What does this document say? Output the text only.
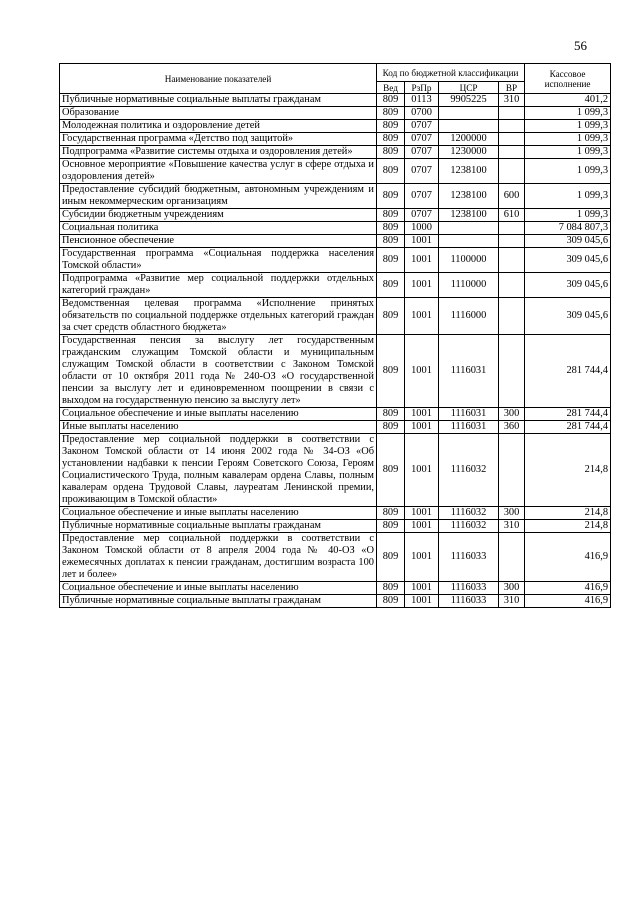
56
Наименование показателей	Код по бюджетной классификации				Кассовое исполнение
	Вед	РзПр	ЦСР	ВР	
Публичные нормативные социальные выплаты гражданам	809	0113	9905225	310	401,2
Образование	809	0700			1 099,3
Молодежная политика и оздоровление детей	809	0707			1 099,3
Государственная программа «Детство под защитой»	809	0707	1200000		1 099,3
Подпрограмма «Развитие системы отдыха и оздоровления детей»	809	0707	1230000		1 099,3
Основное мероприятие «Повышение качества услуг в сфере отдыха и оздоровления детей»	809	0707	1238100		1 099,3
Предоставление субсидий бюджетным, автономным учреждениям и иным некоммерческим организациям	809	0707	1238100	600	1 099,3
Субсидии бюджетным учреждениям	809	0707	1238100	610	1 099,3
Социальная политика	809	1000			7 084 807,3
Пенсионное обеспечение	809	1001			309 045,6
Государственная программа «Социальная поддержка населения Томской области»	809	1001	1100000		309 045,6
Подпрограмма «Развитие мер социальной поддержки отдельных категорий граждан»	809	1001	1110000		309 045,6
Ведомственная целевая программа «Исполнение принятых обязательств по социальной поддержке отдельных категорий граждан за счет средств областного бюджета»	809	1001	1116000		309 045,6
Государственная пенсия за выслугу лет государственным гражданским служащим Томской области и муниципальным служащим Томской области в соответствии с Законом Томской области от 10 октября 2011 года № 240-ОЗ «О государственной пенсии за выслугу лет и единовременном поощрении в связи с выходом на государственную пенсию за выслугу лет»	809	1001	1116031		281 744,4
Социальное обеспечение и иные выплаты населению	809	1001	1116031	300	281 744,4
Иные выплаты населению	809	1001	1116031	360	281 744,4
Предоставление мер социальной поддержки в соответствии с Законом Томской области от 14 июня 2002 года № 34-ОЗ «Об установлении надбавки к пенсии Героям Советского Союза, Героям Социалистического Труда, полным кавалерам ордена Славы, полным кавалерам ордена Трудовой Славы, лауреатам Ленинской премии, проживающим в Томской области»	809	1001	1116032		214,8
Социальное обеспечение и иные выплаты населению	809	1001	1116032	300	214,8
Публичные нормативные социальные выплаты гражданам	809	1001	1116032	310	214,8
Предоставление мер социальной поддержки в соответствии с Законом Томской области от 8 апреля 2004 года № 40-ОЗ «О ежемесячных доплатах к пенсии гражданам, достигшим возраста 100 лет и более»	809	1001	1116033		416,9
Социальное обеспечение и иные выплаты населению	809	1001	1116033	300	416,9
Публичные нормативные социальные выплаты гражданам	809	1001	1116033	310	416,9
